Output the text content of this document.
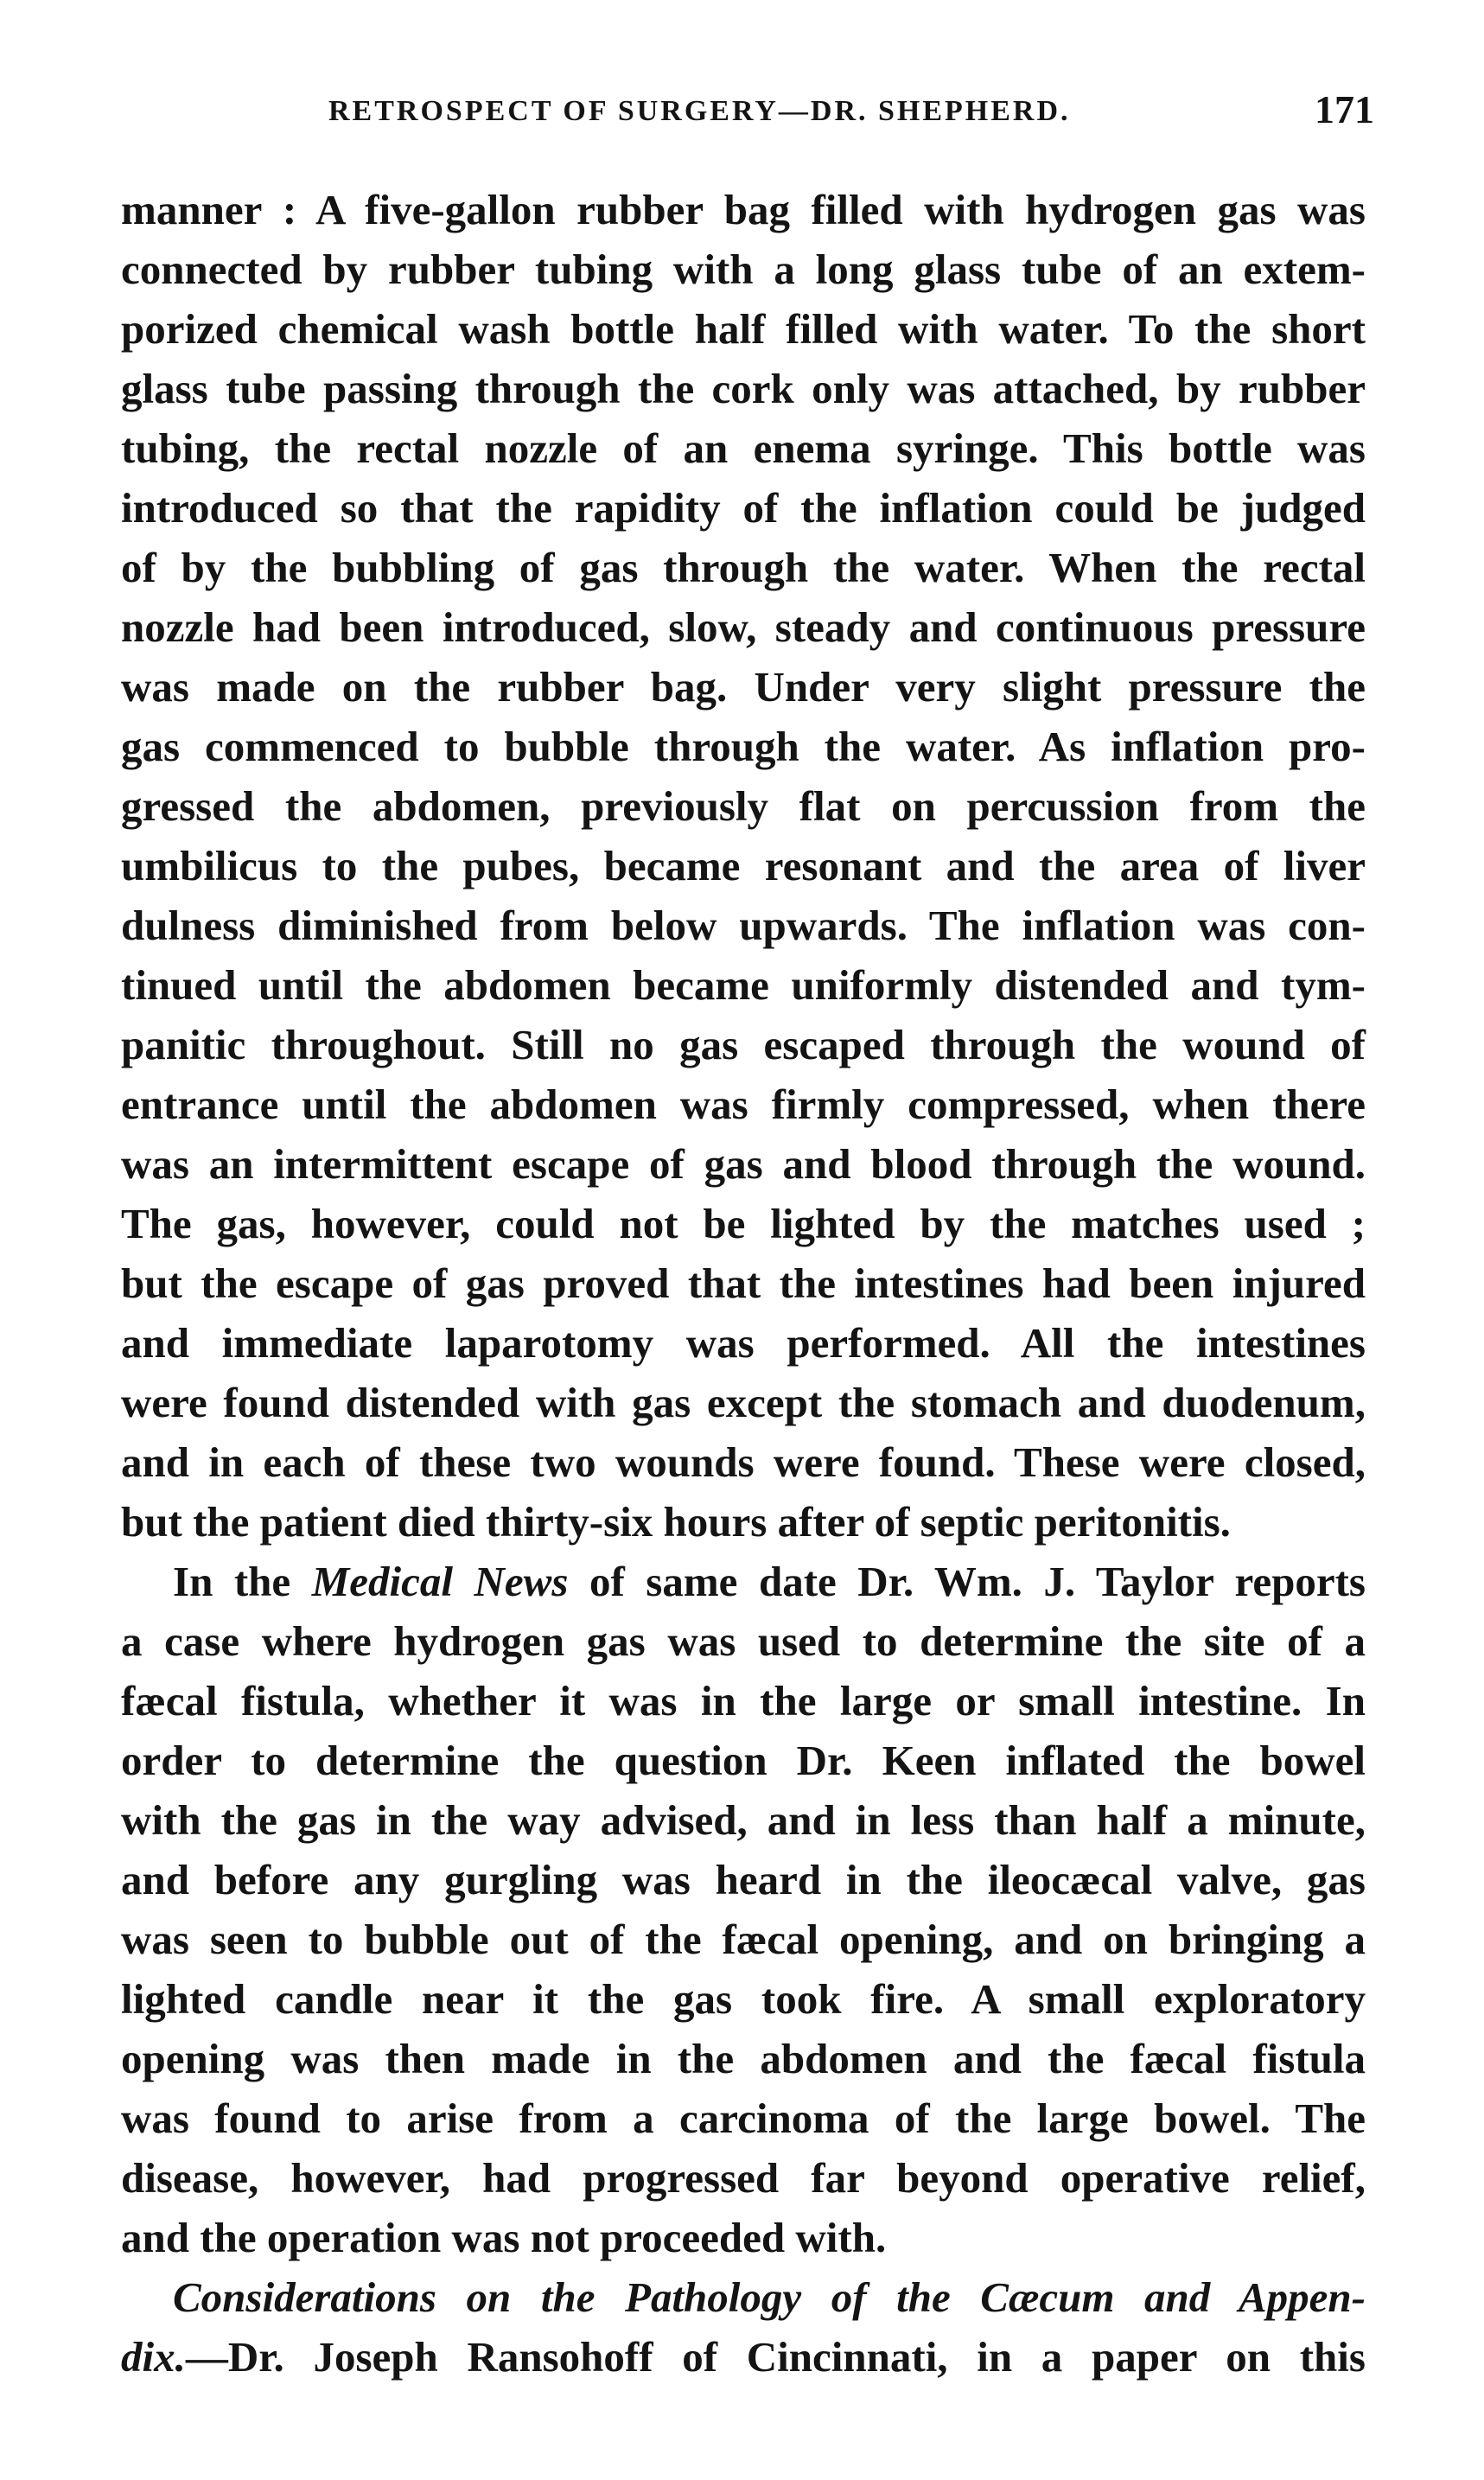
RETROSPECT OF SURGERY—DR. SHEPHERD.	171
manner : A five-gallon rubber bag filled with hydrogen gas was
connected by rubber tubing with a long glass tube of an extem-
porized chemical wash bottle half filled with water. To the short
glass tube passing through the cork only was attached, by rubber
tubing, the rectal nozzle of an enema syringe. This bottle was
introduced so that the rapidity of the inflation could be judged
of by the bubbling of gas through the water. When the rectal
nozzle had been introduced, slow, steady and continuous pressure
was made on the rubber bag. Under very slight pressure the
gas commenced to bubble through the water. As inflation pro-
gressed the abdomen, previously flat on percussion from the
umbilicus to the pubes, became resonant and the area of liver
dulness diminished from below upwards. The inflation was con-
tinued until the abdomen became uniformly distended and tym-
panitic throughout. Still no gas escaped through the wound of
entrance until the abdomen was firmly compressed, when there
was an intermittent escape of gas and blood through the wound.
The gas, however, could not be lighted by the matches used ;
but the escape of gas proved that the intestines had been injured
and immediate laparotomy was performed. All the intestines
were found distended with gas except the stomach and duodenum,
and in each of these two wounds were found. These were closed,
but the patient died thirty-six hours after of septic peritonitis.
In the Medical News of same date Dr. Wm. J. Taylor reports
a case where hydrogen gas was used to determine the site of a
fæcal fistula, whether it was in the large or small intestine. In
order to determine the question Dr. Keen inflated the bowel
with the gas in the way advised, and in less than half a minute,
and before any gurgling was heard in the ileocæcal valve, gas
was seen to bubble out of the fæcal opening, and on bringing a
lighted candle near it the gas took fire. A small exploratory
opening was then made in the abdomen and the fæcal fistula
was found to arise from a carcinoma of the large bowel. The
disease, however, had progressed far beyond operative relief,
and the operation was not proceeded with.
Considerations on the Pathology of the Cæcum and Appen-
dix.—Dr. Joseph Ransohoff of Cincinnati, in a paper on this
